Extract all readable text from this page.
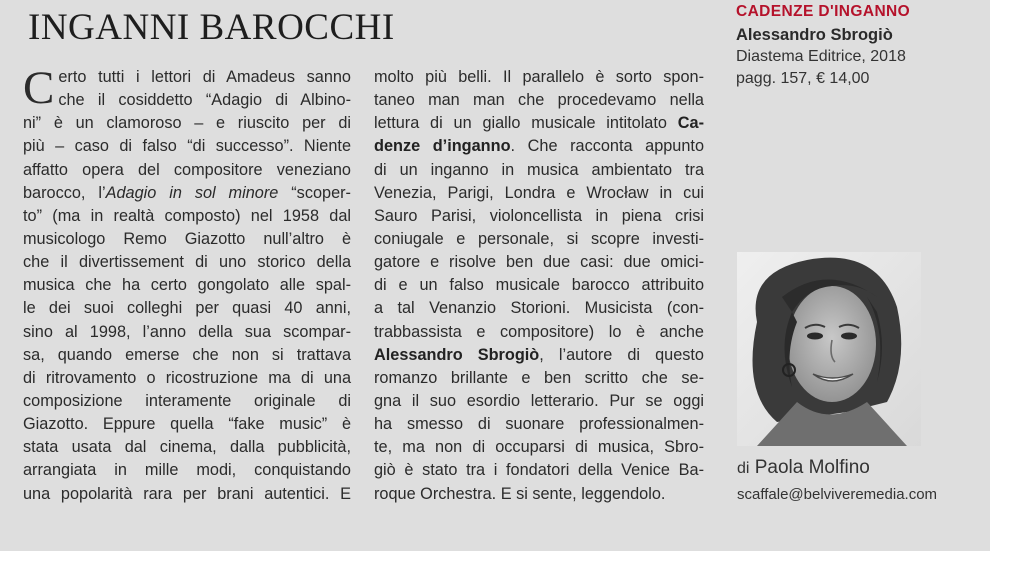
INGANNI BAROCCHI
C erto tutti i lettori di Amadeus sanno
che il cosiddetto “Adagio di Albino-
ni” è un clamoroso – e riuscito per di
più – caso di falso “di successo”. Niente
affatto opera del compositore veneziano
barocco, l’Adagio in sol minore “scoper-
to” (ma in realtà composto) nel 1958 dal
musicologo Remo Giazotto null’altro è
che il divertissement di uno storico della
musica che ha certo gongolato alle spal-
le dei suoi colleghi per quasi 40 anni,
sino al 1998, l’anno della sua scompar-
sa, quando emerse che non si trattava
di ritrovamento o ricostruzione ma di una
composizione interamente originale di
Giazotto. Eppure quella “fake music” è
stata usata dal cinema, dalla pubblicità,
arrangiata in mille modi, conquistando
una popolarità rara per brani autentici. E
molto più belli. Il parallelo è sorto spon-
taneo man man che procedevamo nella
lettura di un giallo musicale intitolato Ca-
denze d’inganno. Che racconta appunto
di un inganno in musica ambientato tra
Venezia, Parigi, Londra e Wrocław in cui
Sauro Parisi, violoncellista in piena crisi
coniugale e personale, si scopre investi-
gatore e risolve ben due casi: due omici-
di e un falso musicale barocco attribuito
a tal Venanzio Storioni. Musicista (con-
trabbassista e compositore) lo è anche
Alessandro Sbrogiò, l’autore di questo
romanzo brillante e ben scritto che se-
gna il suo esordio letterario. Pur se oggi
ha smesso di suonare professionalmen-
te, ma non di occuparsi di musica, Sbro-
giò è stato tra i fondatori della Venice Ba-
roque Orchestra. E si sente, leggendolo.
CADENZE D'INGANNO
Alessandro Sbrogiò
Diastema Editrice, 2018
pagg. 157, € 14,00
di Paola Molfino
scaffale@belviveremedia.com
